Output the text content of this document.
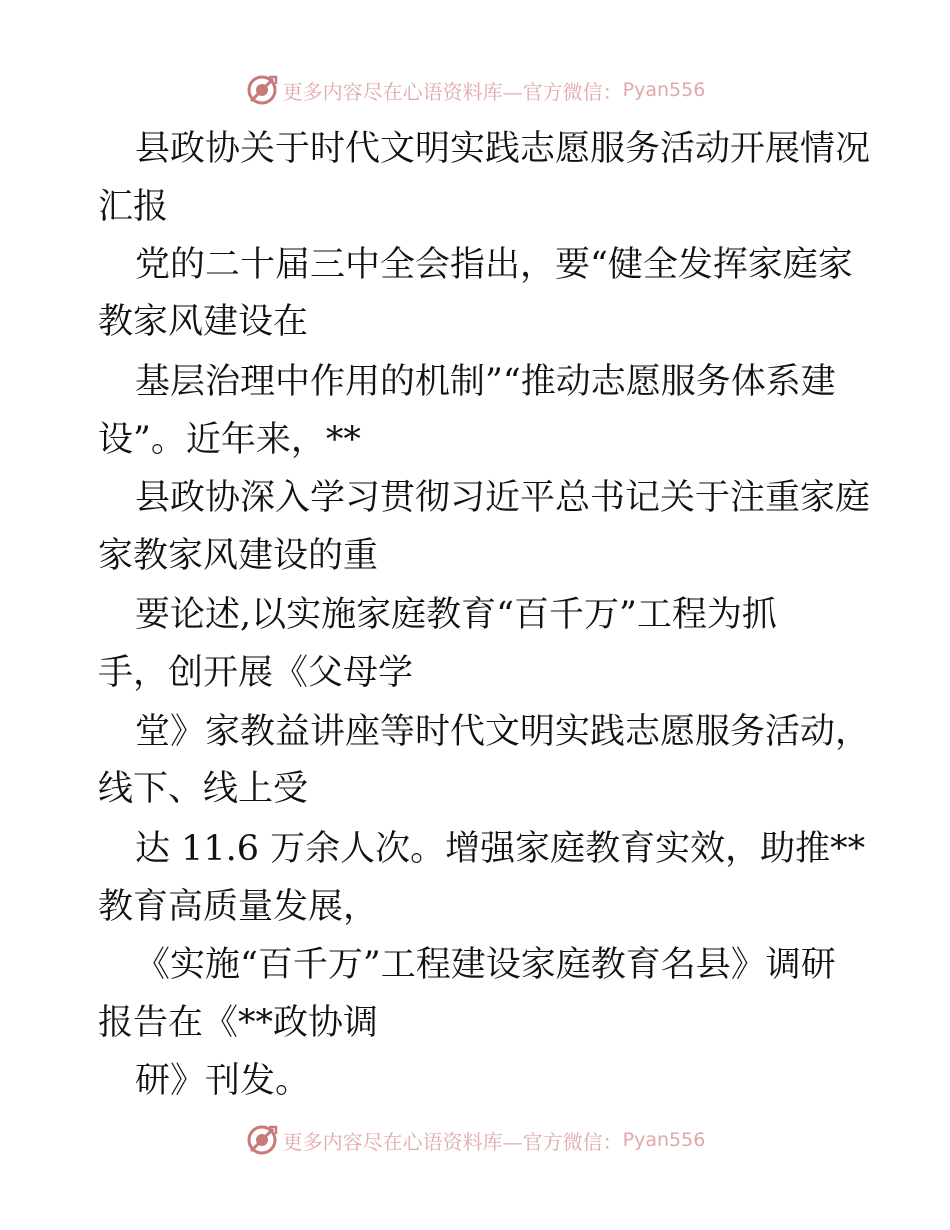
更多内容尽在心语资料库—官方微信： Pyan556

县政协关于时代文明实践志愿服务活动开展情况

汇报

党的二十届三中全会指出，要“健全发挥家庭家

教家风建设在

基层治理中作用的机制”“推动志愿服务体系建

设”。近年来，**

县政协深入学习贯彻习近平总书记关于注重家庭

家教家风建设的重

要论述,以实施家庭教育“百千万”工程为抓

手，创开展《父母学

堂》家教益讲座等时代文明实践志愿服务活动，

线下、线上受

达 11.6 万余人次。增强家庭教育实效，助推**

教育高质量发展，

《实施“百千万”工程建设家庭教育名县》调研

报告在《**政协调

研》刊发。

更多内容尽在心语资料库—官方微信： Pyan556
